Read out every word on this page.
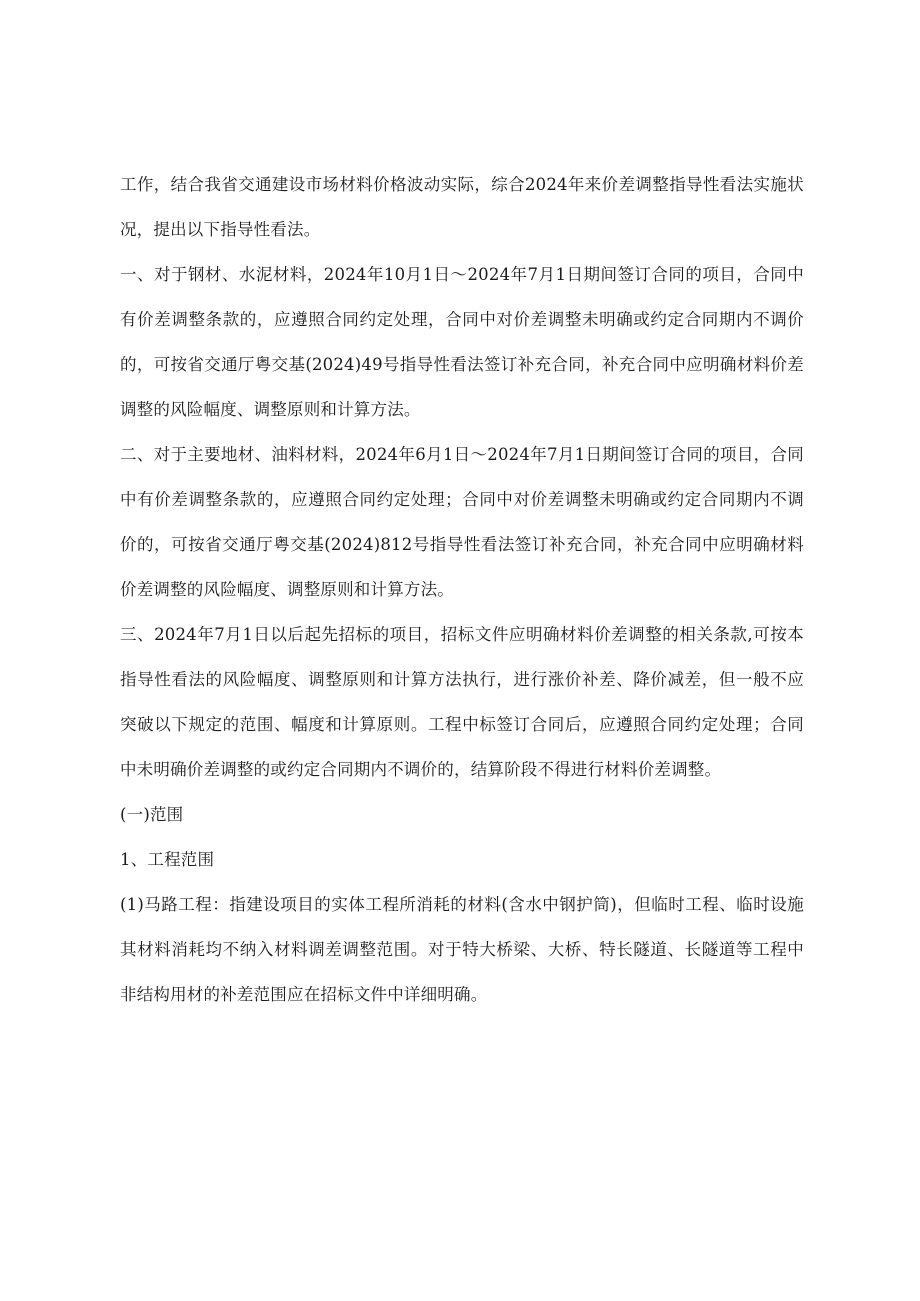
工作，结合我省交通建设市场材料价格波动实际，综合2024年来价差调整指导性看法实施状况，提出以下指导性看法。

一、对于钢材、水泥材料，2024年10月1日～2024年7月1日期间签订合同的项目，合同中有价差调整条款的，应遵照合同约定处理，合同中对价差调整未明确或约定合同期内不调价的，可按省交通厅粤交基(2024)49号指导性看法签订补充合同，补充合同中应明确材料价差调整的风险幅度、调整原则和计算方法。

二、对于主要地材、油料材料，2024年6月1日～2024年7月1日期间签订合同的项目，合同中有价差调整条款的，应遵照合同约定处理；合同中对价差调整未明确或约定合同期内不调价的，可按省交通厅粤交基(2024)812号指导性看法签订补充合同，补充合同中应明确材料价差调整的风险幅度、调整原则和计算方法。

三、2024年7月1日以后起先招标的项目，招标文件应明确材料价差调整的相关条款,可按本指导性看法的风险幅度、调整原则和计算方法执行，进行涨价补差、降价减差，但一般不应突破以下规定的范围、幅度和计算原则。工程中标签订合同后，应遵照合同约定处理；合同中未明确价差调整的或约定合同期内不调价的，结算阶段不得进行材料价差调整。

(一)范围

1、工程范围

(1)马路工程：指建设项目的实体工程所消耗的材料(含水中钢护筒)，但临时工程、临时设施其材料消耗均不纳入材料调差调整范围。对于特大桥梁、大桥、特长隧道、长隧道等工程中非结构用材的补差范围应在招标文件中详细明确。
